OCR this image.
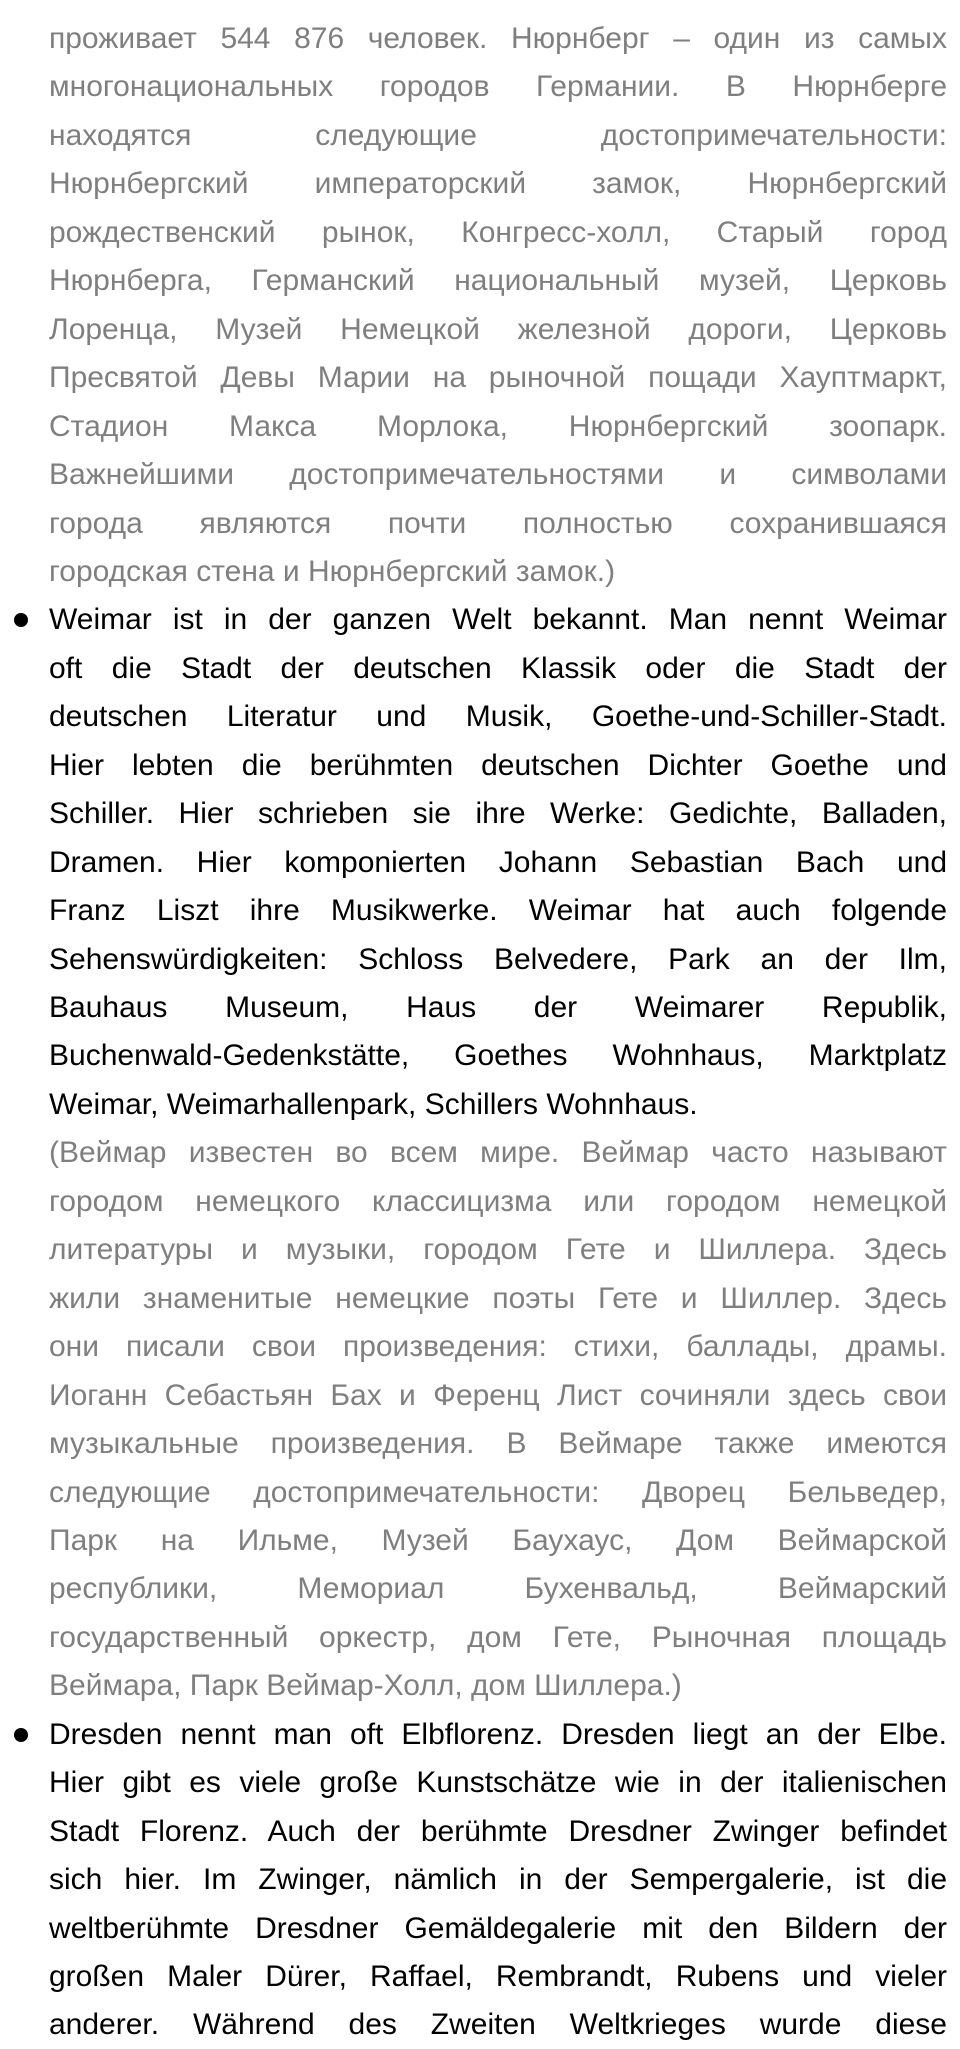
проживает 544 876 человек. Нюрнберг – один из самых
многонациональных городов Германии. В Нюрнберге
находятся следующие достопримечательности:
Нюрнбергский императорский замок, Нюрнбергский
рождественский рынок, Конгресс-холл, Старый город
Нюрнберга, Германский национальный музей, Церковь
Лоренца, Музей Немецкой железной дороги, Церковь
Пресвятой Девы Марии на рыночной пощади Хауптмаркт,
Стадион Макса Морлока, Нюрнбергский зоопарк.
Важнейшими достопримечательностями и символами
города являются почти полностью сохранившаяся
городская стена и Нюрнбергский замок.)
Weimar ist in der ganzen Welt bekannt. Man nennt Weimar
oft die Stadt der deutschen Klassik oder die Stadt der
deutschen Literatur und Musik, Goethe-und-Schiller-Stadt.
Hier lebten die berühmten deutschen Dichter Goethe und
Schiller. Hier schrieben sie ihre Werke: Gedichte, Balladen,
Dramen. Hier komponierten Johann Sebastian Bach und
Franz Liszt ihre Musikwerke. Weimar hat auch folgende
Sehenswürdigkeiten: Schloss Belvedere, Park an der Ilm,
Bauhaus Museum, Haus der Weimarer Republik,
Buchenwald-Gedenkstätte, Goethes Wohnhaus, Marktplatz
Weimar, Weimarhallenpark, Schillers Wohnhaus.
(Веймар известен во всем мире. Веймар часто называют
городом немецкого классицизма или городом немецкой
литературы и музыки, городом Гете и Шиллера. Здесь
жили знаменитые немецкие поэты Гете и Шиллер. Здесь
они писали свои произведения: стихи, баллады, драмы.
Иоганн Себастьян Бах и Ференц Лист сочиняли здесь свои
музыкальные произведения. В Веймаре также имеются
следующие достопримечательности: Дворец Бельведер,
Парк на Ильме, Музей Баухаус, Дом Веймарской
республики, Мемориал Бухенвальд, Веймарский
государственный оркестр, дом Гете, Рыночная площадь
Веймара, Парк Веймар-Холл, дом Шиллера.)
Dresden nennt man oft Elbflorenz. Dresden liegt an der Elbe.
Hier gibt es viele große Kunstschätze wie in der italienischen
Stadt Florenz. Auch der berühmte Dresdner Zwinger befindet
sich hier. Im Zwinger, nämlich in der Sempergalerie, ist die
weltberühmte Dresdner Gemäldegalerie mit den Bildern der
großen Maler Dürer, Raffael, Rembrandt, Rubens und vieler
anderer. Während des Zweiten Weltkrieges wurde diese
